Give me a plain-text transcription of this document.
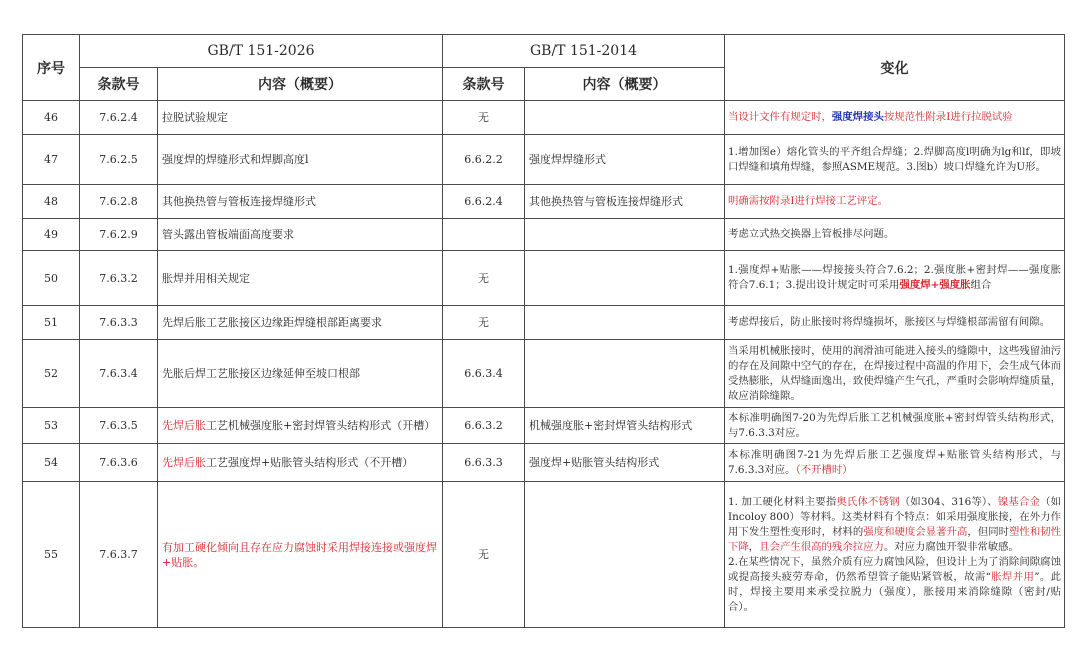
序号	GB/T 151-2026		GB/T 151-2014		变化
	条款号	内容（概要）	条款号	内容（概要）	
46	7.6.2.4	拉脱试验规定	无		当设计文件有规定时，强度焊接头按规范性附录I进行拉脱试验
47	7.6.2.5	强度焊的焊缝形式和焊脚高度l	6.6.2.2	强度焊焊缝形式	1.增加图e）熔化管头的平齐组合焊缝；2.焊脚高度l明确为lg和lf，即坡口焊缝和填角焊缝，参照ASME规范。3.图b）坡口焊缝允许为U形。
48	7.6.2.8	其他换热管与管板连接焊缝形式	6.6.2.4	其他换热管与管板连接焊缝形式	明确需按附录I进行焊接工艺评定。
49	7.6.2.9	管头露出管板端面高度要求			考虑立式热交换器上管板排尽问题。
50	7.6.3.2	胀焊并用相关规定	无		1.强度焊+贴胀——焊接接头符合7.6.2；2.强度胀+密封焊——强度胀符合7.6.1；3.提出设计规定时可采用强度焊+强度胀组合
51	7.6.3.3	先焊后胀工艺胀接区边缘距焊缝根部距离要求	无		考虑焊接后，防止胀接时将焊缝损坏，胀接区与焊缝根部需留有间隙。
52	7.6.3.4	先胀后焊工艺胀接区边缘延伸至坡口根部	6.6.3.4		当采用机械胀接时，使用的润滑油可能进入接头的缝隙中，这些残留油污的存在及间隙中空气的存在，在焊接过程中高温的作用下，会生成气体而受热膨胀，从焊缝面逸出，致使焊缝产生气孔，严重时会影响焊缝质量，故应消除缝隙。
53	7.6.3.5	先焊后胀工艺机械强度胀+密封焊管头结构形式（开槽）	6.6.3.2	机械强度胀+密封焊管头结构形式	本标准明确图7-20为先焊后胀工艺机械强度胀+密封焊管头结构形式，与7.6.3.3对应。
54	7.6.3.6	先焊后胀工艺强度焊+贴胀管头结构形式（不开槽）	6.6.3.3	强度焊+贴胀管头结构形式	本标准明确图7-21为先焊后胀工艺强度焊+贴胀管头结构形式，与7.6.3.3对应。（不开槽时）
55	7.6.3.7	有加工硬化倾向且存在应力腐蚀时采用焊接连接或强度焊+贴胀。	无		1. 加工硬化材料主要指奥氏体不锈钢（如304、316等）、镍基合金（如Incoloy 800）等材料。这类材料有个特点：如采用强度胀接，在外力作用下发生塑性变形时，材料的强度和硬度会显著升高，但同时塑性和韧性下降，且会产生很高的残余拉应力。对应力腐蚀开裂非常敏感。
2.在某些情况下，虽然介质有应力腐蚀风险，但设计上为了消除间隙腐蚀或提高接头疲劳寿命，仍然希望管子能贴紧管板，故需“胀焊并用”。此时，焊接主要用来承受拉脱力（强度），胀接用来消除缝隙（密封/贴合）。
